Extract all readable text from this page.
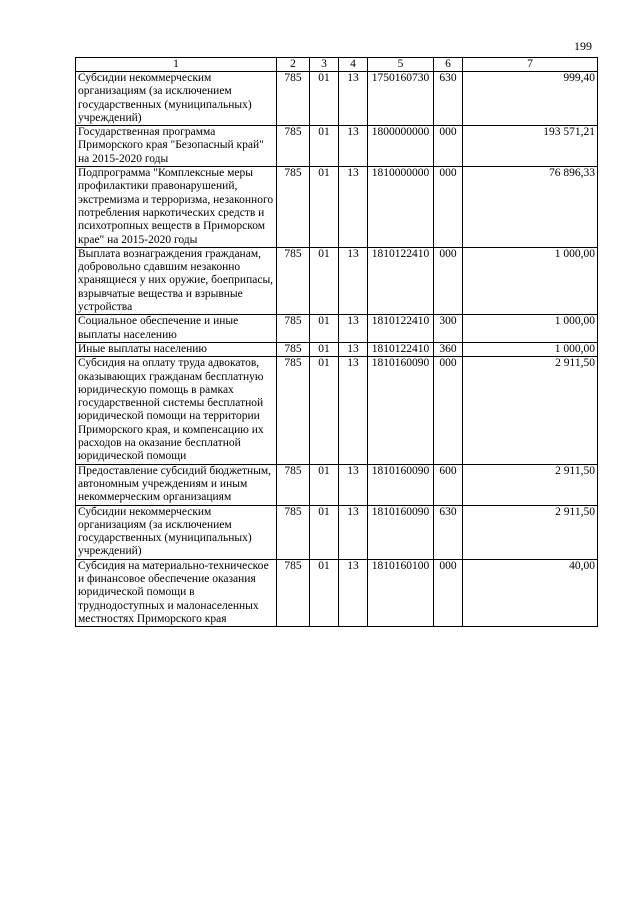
199
1	2	3	4	5	6	7
Субсидии некоммерческим организациям (за исключением государственных (муниципальных) учреждений)	785	01	13	1750160730	630	999,40
Государственная программа Приморского края "Безопасный край" на 2015-2020 годы	785	01	13	1800000000	000	193 571,21
Подпрограмма "Комплексные меры профилактики правонарушений, экстремизма и терроризма, незаконного потребления наркотических средств и психотропных веществ в Приморском крае" на 2015-2020 годы	785	01	13	1810000000	000	76 896,33
Выплата вознаграждения гражданам, добровольно сдавшим незаконно хранящиеся у них оружие, боеприпасы, взрывчатые вещества и взрывные устройства	785	01	13	1810122410	000	1 000,00
Социальное обеспечение и иные выплаты населению	785	01	13	1810122410	300	1 000,00
Иные выплаты населению	785	01	13	1810122410	360	1 000,00
Субсидия на оплату труда адвокатов, оказывающих гражданам бесплатную юридическую помощь в рамках государственной системы бесплатной юридической помощи на территории Приморского края, и компенсацию их расходов на оказание бесплатной юридической помощи	785	01	13	1810160090	000	2 911,50
Предоставление субсидий бюджетным, автономным учреждениям и иным некоммерческим организациям	785	01	13	1810160090	600	2 911,50
Субсидии некоммерческим организациям (за исключением государственных (муниципальных) учреждений)	785	01	13	1810160090	630	2 911,50
Субсидия на материально-техническое и финансовое обеспечение оказания юридической помощи в труднодоступных и малонаселенных местностях Приморского края	785	01	13	1810160100	000	40,00
